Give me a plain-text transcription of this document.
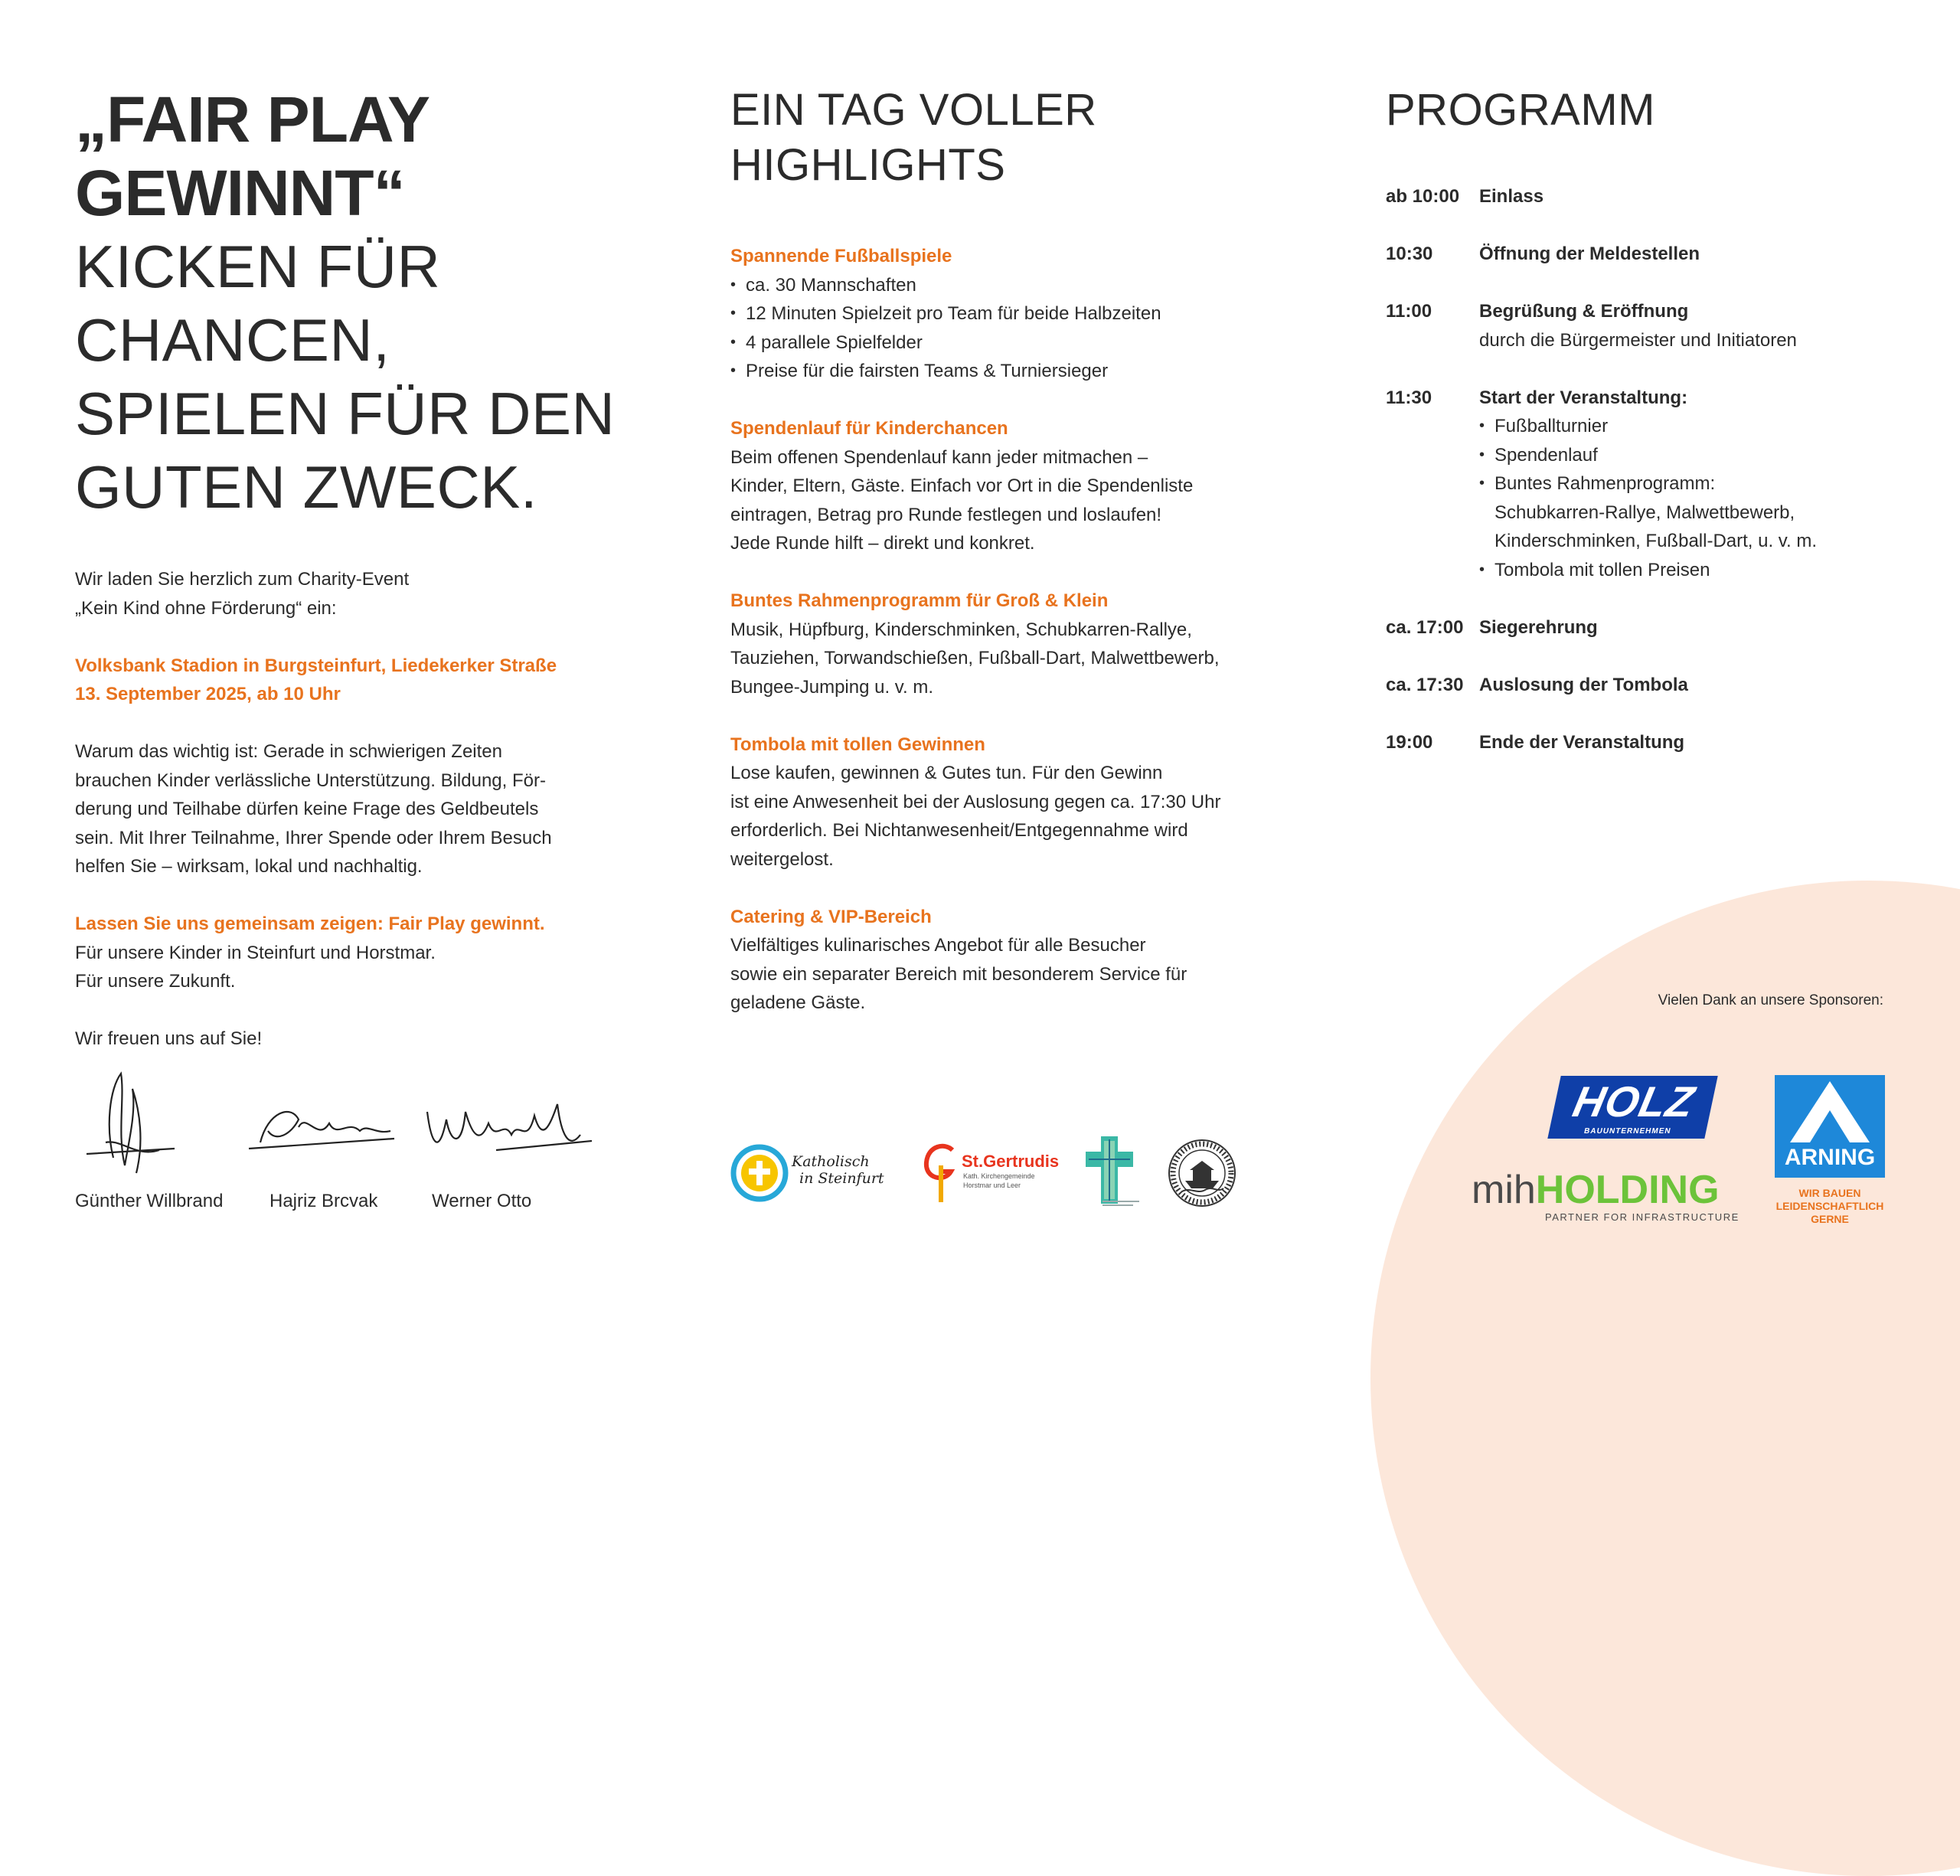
„FAIR PLAY

GEWINNT“

KICKEN FÜR

CHANCEN,

SPIELEN FÜR DEN

GUTEN ZWECK.

Wir laden Sie herzlich zum Charity-Event

„Kein Kind ohne Förderung“ ein:

Volksbank Stadion in Burgsteinfurt, Liedekerker Straße

13. September 2025, ab 10 Uhr

Warum das wichtig ist: Gerade in schwierigen Zeiten

brauchen Kinder verlässliche Unterstützung. Bildung, För-

derung und Teilhabe dürfen keine Frage des Geldbeutels

sein. Mit Ihrer Teilnahme, Ihrer Spende oder Ihrem Besuch

helfen Sie – wirksam, lokal und nachhaltig.

Lassen Sie uns gemeinsam zeigen: Fair Play gewinnt.

Für unsere Kinder in Steinfurt und Horstmar.

Für unsere Zukunft.

Wir freuen uns auf Sie!

Günther Willbrand	Hajriz Brcvak	Werner Otto

EIN TAG VOLLER

HIGHLIGHTS

Spannende Fußballspiele

• ca. 30 Mannschaften
• 12 Minuten Spielzeit pro Team für beide Halbzeiten
• 4 parallele Spielfelder
• Preise für die fairsten Teams & Turniersieger

Spendenlauf für Kinderchancen

Beim offenen Spendenlauf kann jeder mitmachen –

Kinder, Eltern, Gäste. Einfach vor Ort in die Spendenliste

eintragen, Betrag pro Runde festlegen und loslaufen!

Jede Runde hilft – direkt und konkret.

Buntes Rahmenprogramm für Groß & Klein

Musik, Hüpfburg, Kinderschminken, Schubkarren-Rallye,

Tauziehen, Torwandschießen, Fußball-Dart, Malwettbewerb,

Bungee-Jumping u. v. m.

Tombola mit tollen Gewinnen

Lose kaufen, gewinnen & Gutes tun. Für den Gewinn

ist eine Anwesenheit bei der Auslosung gegen ca. 17:30 Uhr

erforderlich. Bei Nichtanwesenheit/Entgegennahme wird

weitergelost.

Catering & VIP-Bereich

Vielfältiges kulinarisches Angebot für alle Besucher

sowie ein separater Bereich mit besonderem Service für

geladene Gäste.

Katholisch
in Steinfurt
St.Gertrudis
Kath. Kirchengemeinde
Horstmar und Leer

PROGRAMM

ab 10:00	Einlass
10:30	Öffnung der Meldestellen
11:00	Begrüßung & Eröffnung
durch die Bürgermeister und Initiatoren
11:30	Start der Veranstaltung:
• Fußballturnier
• Spendenlauf
• Buntes Rahmenprogramm:
Schubkarren-Rallye, Malwettbewerb,
Kinderschminken, Fußball-Dart, u. v. m.
• Tombola mit tollen Preisen
ca. 17:00 Siegerehrung
ca. 17:30 Auslosung der Tombola
19:00	Ende der Veranstaltung
Vielen Dank an unsere Sponsoren:
HOLZ
BAUUNTERNEHMEN
ARNING
WIR BAUEN
LEIDENSCHAFTLICH
GERNE
mihHOLDING
PARTNER FOR INFRASTRUCTURE
